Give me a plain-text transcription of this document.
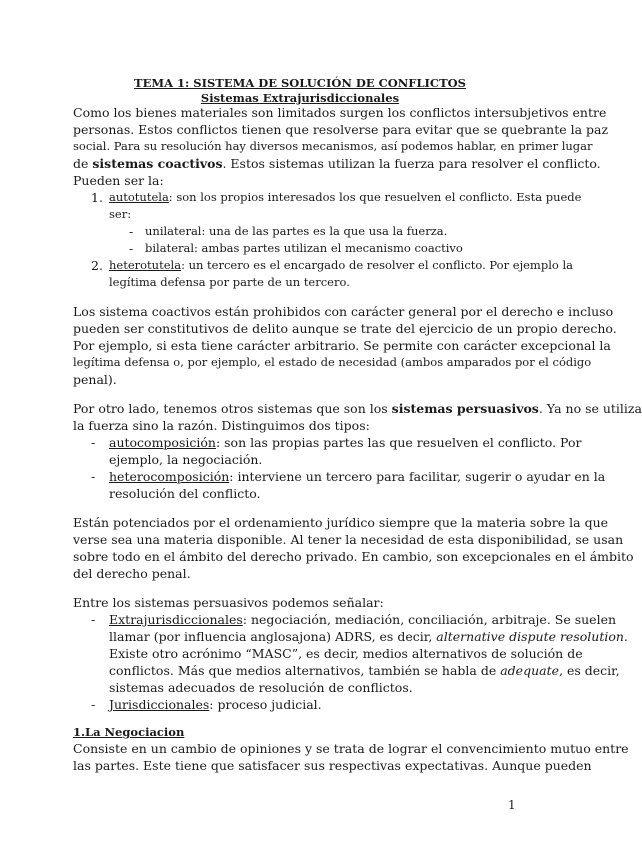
TEMA 1: SISTEMA DE SOLUCIÓN DE CONFLICTOS
Sistemas Extrajurisdiccionales
Como los bienes materiales son limitados surgen los conflictos intersubjetivos entre
personas. Estos conflictos tienen que resolverse para evitar que se quebrante la paz
social. Para su resolución hay diversos mecanismos, así podemos hablar, en primer lugar
de sistemas coactivos. Estos sistemas utilizan la fuerza para resolver el conflicto.
Pueden ser la:
1. autotutela: son los propios interesados los que resuelven el conflicto. Esta puede
ser:
- unilateral: una de las partes es la que usa la fuerza.
- bilateral: ambas partes utilizan el mecanismo coactivo
2. heterotutela: un tercero es el encargado de resolver el conflicto. Por ejemplo la
legítima defensa por parte de un tercero.
Los sistema coactivos están prohibidos con carácter general por el derecho e incluso
pueden ser constitutivos de delito aunque se trate del ejercicio de un propio derecho.
Por ejemplo, si esta tiene carácter arbitrario. Se permite con carácter excepcional la
legítima defensa o, por ejemplo, el estado de necesidad (ambos amparados por el código
penal).
Por otro lado, tenemos otros sistemas que son los sistemas persuasivos. Ya no se utiliza
la fuerza sino la razón. Distinguimos dos tipos:
- autocomposición: son las propias partes las que resuelven el conflicto. Por
ejemplo, la negociación.
- heterocomposición: interviene un tercero para facilitar, sugerir o ayudar en la
resolución del conflicto.
Están potenciados por el ordenamiento jurídico siempre que la materia sobre la que
verse sea una materia disponible. Al tener la necesidad de esta disponibilidad, se usan
sobre todo en el ámbito del derecho privado. En cambio, son excepcionales en el ámbito
del derecho penal.
Entre los sistemas persuasivos podemos señalar:
- Extrajurisdiccionales: negociación, mediación, conciliación, arbitraje. Se suelen
llamar (por influencia anglosajona) ADRS, es decir, alternative dispute resolution.
Existe otro acrónimo “MASC”, es decir, medios alternativos de solución de
conflictos. Más que medios alternativos, también se habla de adequate, es decir,
sistemas adecuados de resolución de conflictos.
- Jurisdiccionales: proceso judicial.
1.La Negociacion
Consiste en un cambio de opiniones y se trata de lograr el convencimiento mutuo entre
las partes. Este tiene que satisfacer sus respectivas expectativas. Aunque pueden
1
